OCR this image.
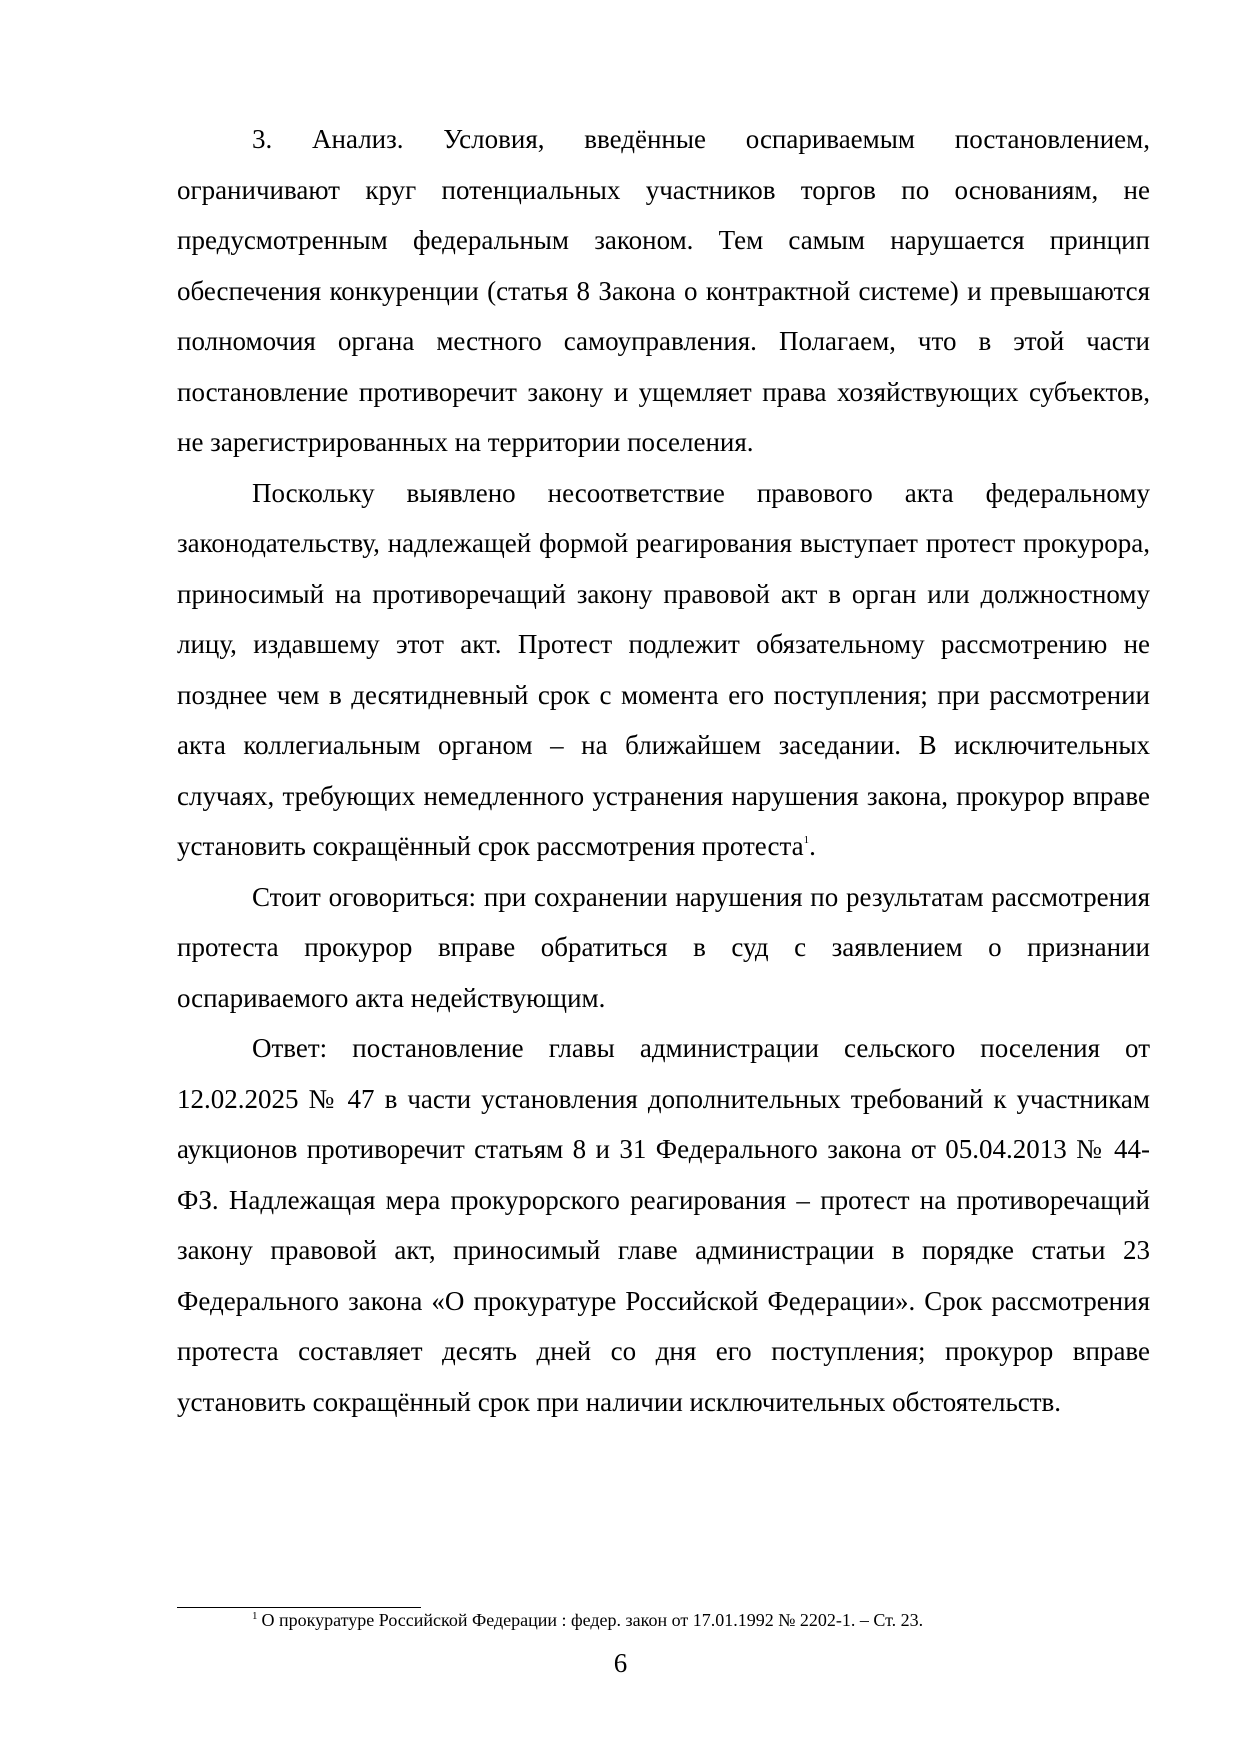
3. Анализ. Условия, введённые оспариваемым постановлением, ограничивают круг потенциальных участников торгов по основаниям, не предусмотренным федеральным законом. Тем самым нарушается принцип обеспечения конкуренции (статья 8 Закона о контрактной системе) и превышаются полномочия органа местного самоуправления. Полагаем, что в этой части постановление противоречит закону и ущемляет права хозяйствующих субъектов, не зарегистрированных на территории поселения.

Поскольку выявлено несоответствие правового акта федеральному законодательству, надлежащей формой реагирования выступает протест прокурора, приносимый на противоречащий закону правовой акт в орган или должностному лицу, издавшему этот акт. Протест подлежит обязательному рассмотрению не позднее чем в десятидневный срок с момента его поступления; при рассмотрении акта коллегиальным органом – на ближайшем заседании. В исключительных случаях, требующих немедленного устранения нарушения закона, прокурор вправе установить сокращённый срок рассмотрения протеста$^1$.

Стоит оговориться: при сохранении нарушения по результатам рассмотрения протеста прокурор вправе обратиться в суд с заявлением о признании оспариваемого акта недействующим.

Ответ: постановление главы администрации сельского поселения от 12.02.2025 № 47 в части установления дополнительных требований к участникам аукционов противоречит статьям 8 и 31 Федерального закона от 05.04.2013 № 44-ФЗ. Надлежащая мера прокурорского реагирования – протест на противоречащий закону правовой акт, приносимый главе администрации в порядке статьи 23 Федерального закона «О прокуратуре Российской Федерации». Срок рассмотрения протеста составляет десять дней со дня его поступления; прокурор вправе установить сокращённый срок при наличии исключительных обстоятельств.

$^1$ О прокуратуре Российской Федерации : федер. закон от 17.01.1992 № 2202-1. – Ст. 23.
6
